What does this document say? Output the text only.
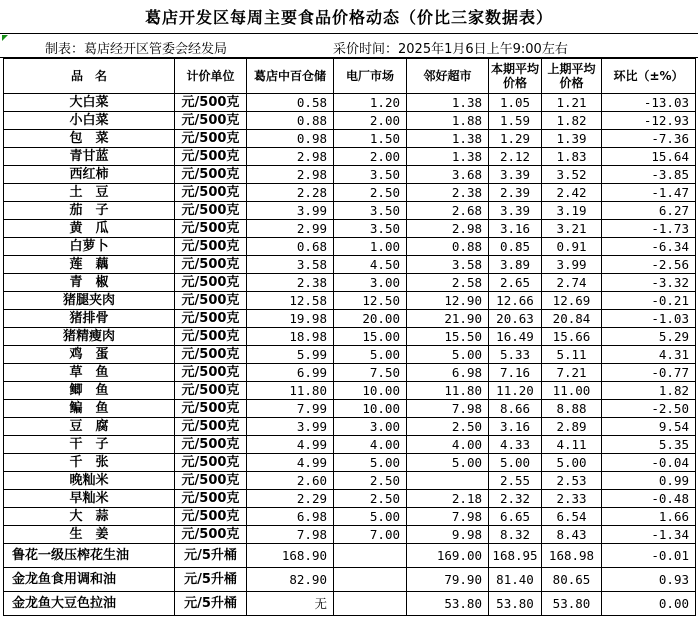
葛店开发区每周主要食品价格动态（价比三家数据表）
制表：葛店经开区管委会经发局	采价时间：2025年1月6日上午9:00左右
品　名	计价单位	葛店中百仓储	电厂市场	邻好超市	本期平均价格	上期平均价格	环比（±%）
大白菜	元/500克	0.58	1.20	1.38	1.05	1.21	-13.03
小白菜	元/500克	0.88	2.00	1.88	1.59	1.82	-12.93
包　菜	元/500克	0.98	1.50	1.38	1.29	1.39	-7.36
青甘蓝	元/500克	2.98	2.00	1.38	2.12	1.83	15.64
西红柿	元/500克	2.98	3.50	3.68	3.39	3.52	-3.85
土　豆	元/500克	2.28	2.50	2.38	2.39	2.42	-1.47
茄　子	元/500克	3.99	3.50	2.68	3.39	3.19	6.27
黄　瓜	元/500克	2.99	3.50	2.98	3.16	3.21	-1.73
白萝卜	元/500克	0.68	1.00	0.88	0.85	0.91	-6.34
莲　藕	元/500克	3.58	4.50	3.58	3.89	3.99	-2.56
青　椒	元/500克	2.38	3.00	2.58	2.65	2.74	-3.32
猪腿夹肉	元/500克	12.58	12.50	12.90	12.66	12.69	-0.21
猪排骨	元/500克	19.98	20.00	21.90	20.63	20.84	-1.03
猪精瘦肉	元/500克	18.98	15.00	15.50	16.49	15.66	5.29
鸡　蛋	元/500克	5.99	5.00	5.00	5.33	5.11	4.31
草　鱼	元/500克	6.99	7.50	6.98	7.16	7.21	-0.77
鲫　鱼	元/500克	11.80	10.00	11.80	11.20	11.00	1.82
鳊　鱼	元/500克	7.99	10.00	7.98	8.66	8.88	-2.50
豆　腐	元/500克	3.99	3.00	2.50	3.16	2.89	9.54
干　子	元/500克	4.99	4.00	4.00	4.33	4.11	5.35
千　张	元/500克	4.99	5.00	5.00	5.00	5.00	-0.04
晚籼米	元/500克	2.60	2.50		2.55	2.53	0.99
早籼米	元/500克	2.29	2.50	2.18	2.32	2.33	-0.48
大　蒜	元/500克	6.98	5.00	7.98	6.65	6.54	1.66
生　姜	元/500克	7.98	7.00	9.98	8.32	8.43	-1.34
鲁花一级压榨花生油	元/5升桶	168.90		169.00	168.95	168.98	-0.01
金龙鱼食用调和油	元/5升桶	82.90		79.90	81.40	80.65	0.93
金龙鱼大豆色拉油	元/5升桶	无		53.80	53.80	53.80	0.00
